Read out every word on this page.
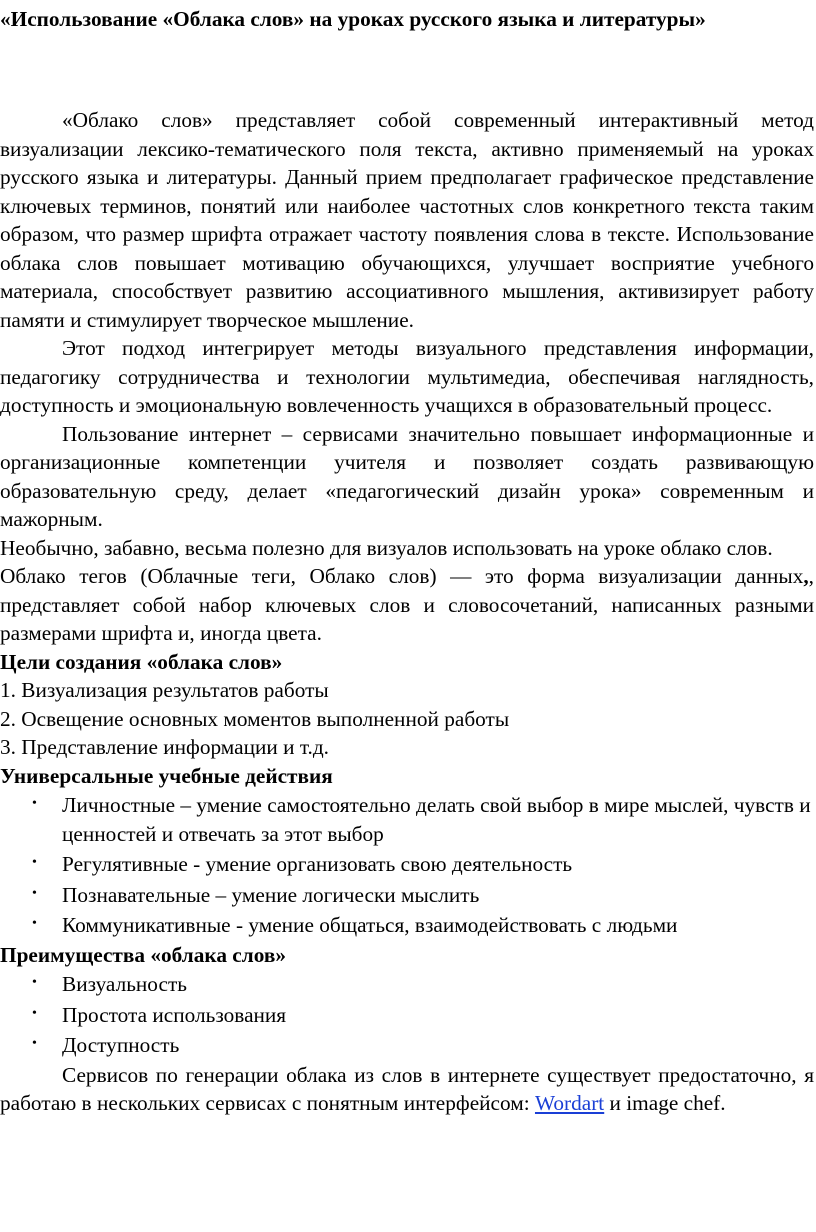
«Использование «Облака слов» на уроках русского языка и литературы»

«Облако слов» представляет собой современный интерактивный метод визуализации лексико-тематического поля текста, активно применяемый на уроках русского языка и литературы. Данный прием предполагает графическое представление ключевых терминов, понятий или наиболее частотных слов конкретного текста таким образом, что размер шрифта отражает частоту появления слова в тексте. Использование облака слов повышает мотивацию обучающихся, улучшает восприятие учебного материала, способствует развитию ассоциативного мышления, активизирует работу памяти и стимулирует творческое мышление.

Этот подход интегрирует методы визуального представления информации, педагогику сотрудничества и технологии мультимедиа, обеспечивая наглядность, доступность и эмоциональную вовлеченность учащихся в образовательный процесс.

Пользование интернет – сервисами значительно повышает информационные и организационные компетенции учителя и позволяет создать развивающую образовательную среду, делает «педагогический дизайн урока» современным и мажорным.

Необычно, забавно, весьма полезно для визуалов использовать на уроке облако слов.

Облако тегов (Облачные теги, Облако слов) — это форма визуализации данных,, представляет собой набор ключевых слов и словосочетаний, написанных разными размерами шрифта и, иногда цвета.

Цели создания «облака слов»
1. Визуализация результатов работы
2. Освещение основных моментов выполненной работы
3. Представление информации и т.д.
Универсальные учебные действия
• Личностные – умение самостоятельно делать свой выбор в мире мыслей, чувств и ценностей и отвечать за этот выбор
• Регулятивные - умение организовать свою деятельность
• Познавательные – умение логически мыслить
• Коммуникативные - умение общаться, взаимодействовать с людьми
Преимущества «облака слов»
• Визуальность
• Простота использования
• Доступность

Сервисов по генерации облака из слов в интернете существует предостаточно, я работаю в нескольких сервисах с понятным интерфейсом: Wordart и image chef.
